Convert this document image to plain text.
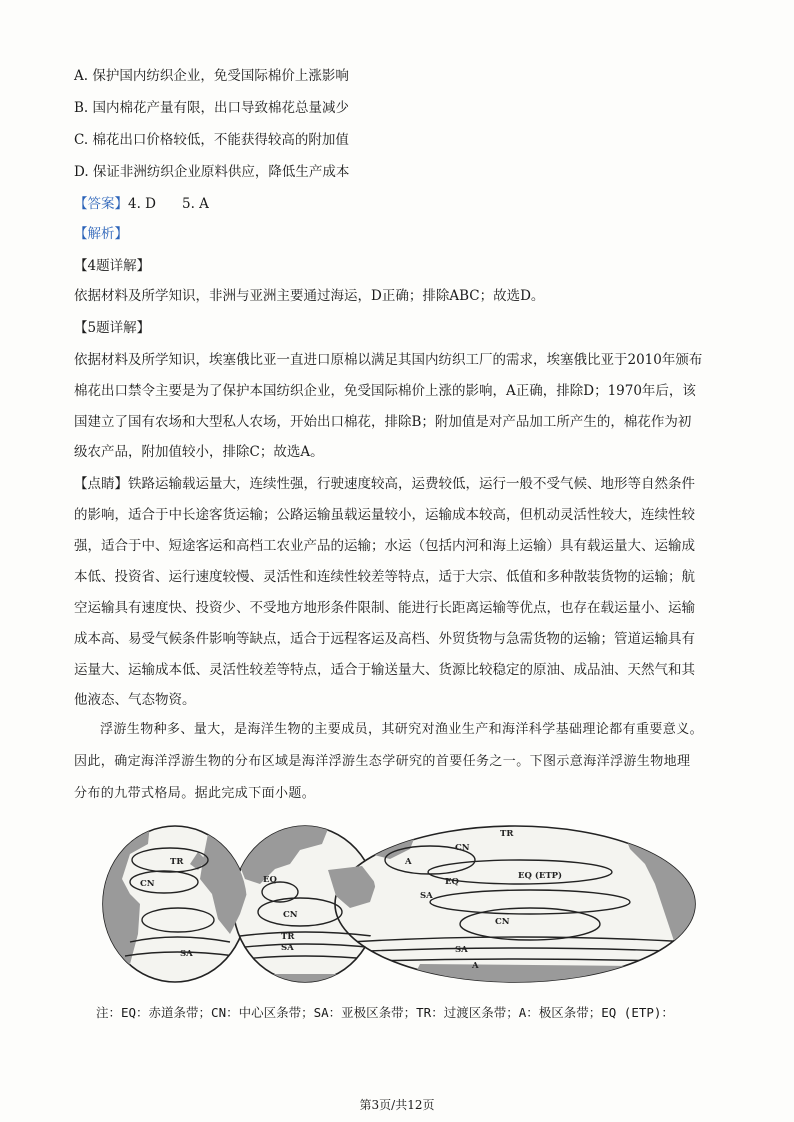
A. 保护国内纺织企业，免受国际棉价上涨影响
B. 国内棉花产量有限，出口导致棉花总量减少
C. 棉花出口价格较低，不能获得较高的附加值
D. 保证非洲纺织企业原料供应，降低生产成本
【答案】4. D 5. A
【解析】
【4题详解】
依据材料及所学知识，非洲与亚洲主要通过海运，D正确；排除ABC；故选D。
【5题详解】
依据材料及所学知识，埃塞俄比亚一直进口原棉以满足其国内纺织工厂的需求，埃塞俄比亚于2010年颁布
棉花出口禁令主要是为了保护本国纺织企业，免受国际棉价上涨的影响，A正确，排除D；1970年后，该
国建立了国有农场和大型私人农场，开始出口棉花，排除B；附加值是对产品加工所产生的，棉花作为初
级农产品，附加值较小，排除C；故选A。
【点睛】铁路运输载运量大，连续性强，行驶速度较高，运费较低，运行一般不受气候、地形等自然条件
的影响，适合于中长途客货运输；公路运输虽载运量较小，运输成本较高，但机动灵活性较大，连续性较
强，适合于中、短途客运和高档工农业产品的运输；水运（包括内河和海上运输）具有载运量大、运输成
本低、投资省、运行速度较慢、灵活性和连续性较差等特点，适于大宗、低值和多种散装货物的运输；航
空运输具有速度快、投资少、不受地方地形条件限制、能进行长距离运输等优点，也存在载运量小、运输
成本高、易受气候条件影响等缺点，适合于远程客运及高档、外贸货物与急需货物的运输；管道运输具有
运量大、运输成本低、灵活性较差等特点，适合于输送量大、货源比较稳定的原油、成品油、天然气和其
他液态、气态物资。
浮游生物种多、量大，是海洋生物的主要成员，其研究对渔业生产和海洋科学基础理论都有重要意义。
因此，确定海洋浮游生物的分布区域是海洋浮游生态学研究的首要任务之一。下图示意海洋浮游生物地理
分布的九带式格局。据此完成下面小题。
TR
CN	EQ
CN
SA
TR
SA
A
CN
TR
SA
EQ
EQ (ETP)
CN
SA
A
注：EQ：赤道条带；CN：中心区条带；SA：亚极区条带；TR：过渡区条带；A：极区条带；EQ (ETP)：
第3页/共12页
